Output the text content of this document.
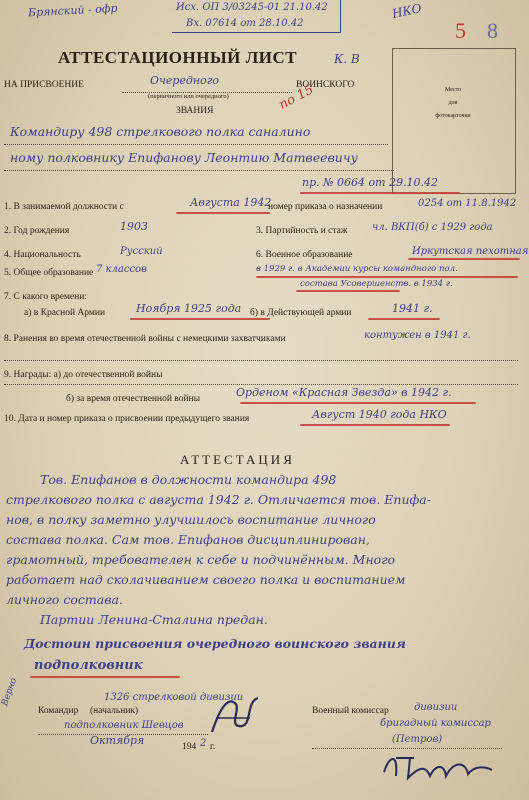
Брянский - офр	Исх. ОП 3/03245-01 21.10.42
Вх. 07614 от 28.10.42
НКО
5 8
АТТЕСТАЦИОННЫЙ ЛИСТ	К. В
НА ПРИСВОЕНИЕ	Очередного
(первичного или очередного)
ВОИНСКОГО
ЗВАНИЯ	по 15	Место
для
фотокарточки
Командиру 498 стрелкового полка саналино
ному полковнику Епифанову Леонтию Матвеевичу
пр. № 0664 от 29.10.42
1. В занимаемой должности с	Августа 1942
номер приказа о назначении	0254 от 11.8.1942
2. Год рождения	1903	3. Партийность и стаж чл. ВКП(б) с 1929 года
4. Национальность	Русский	6. Военное образование	Иркутская пехотная
5. Общее образование 7 классов	в 1929 г. в Академии курсы командного пол.
состава Усовершенств. в 1934 г.
7. С какого времени:
а) в Красной Армии	Ноября 1925 года б) в Действующей армии	1941 г.
8. Ранения во время отечественной войны с немецкими захватчиками	контужен в 1941 г.
9. Награды: а) до отечественной войны
б) за время отечественной войны	Орденом «Красная Звезда» в 1942 г.
10. Дата и номер приказа о присвоении предыдущего звания	Август 1940 года НКО
АТТЕСТАЦИЯ
Тов. Епифанов в должности командира 498
стрелкового полка с августа 1942 г. Отличается тов. Епифа-
нов, в полку заметно улучшилось воспитание личного
состава полка. Сам тов. Епифанов дисциплинирован,
грамотный, требователен к себе и подчинённым. Много
работает над сколачиванием своего полка и воспитанием
личного состава.
Партии Ленина-Сталина предан.
Достоин присвоения очередного воинского звания
подполковник
Верно
Командир (начальник)
1326 стрелковой дивизии
подполковник Шевцов
Октября	194 2 г.
Военный комиссар	дивизии
бригадный комиссар
(Петров)
